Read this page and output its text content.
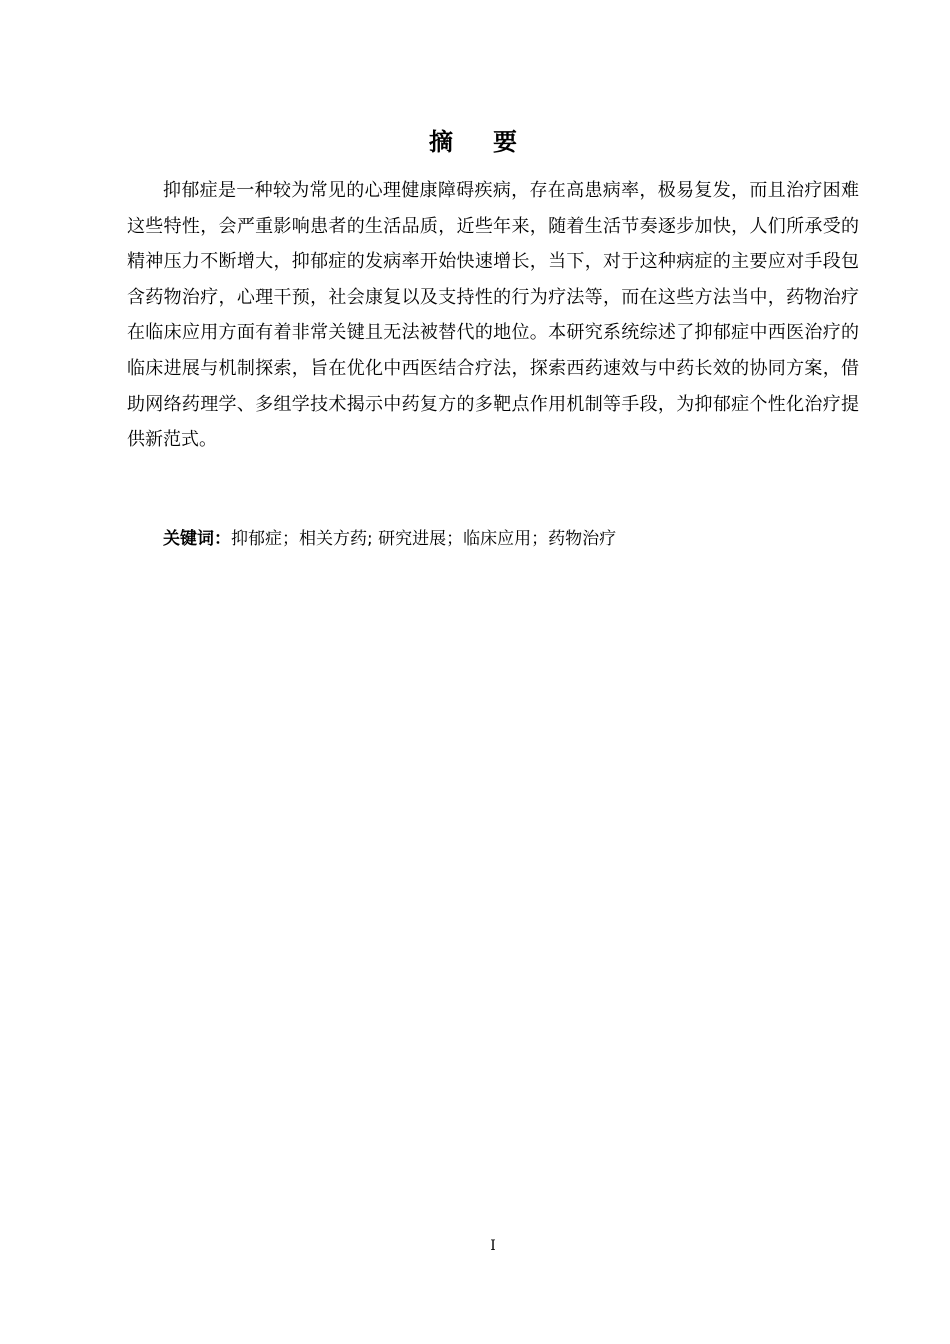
摘要

抑郁症是一种较为常见的心理健康障碍疾病，存在高患病率，极易复发，而且治疗困难这些特性，会严重影响患者的生活品质，近些年来，随着生活节奏逐步加快，人们所承受的精神压力不断增大，抑郁症的发病率开始快速增长，当下，对于这种病症的主要应对手段包含药物治疗，心理干预，社会康复以及支持性的行为疗法等，而在这些方法当中，药物治疗在临床应用方面有着非常关键且无法被替代的地位。本研究系统综述了抑郁症中西医治疗的临床进展与机制探索，旨在优化中西医结合疗法，探索西药速效与中药长效的协同方案，借助网络药理学、多组学技术揭示中药复方的多靶点作用机制等手段，为抑郁症个性化治疗提供新范式。

关键词：抑郁症；相关方药; 研究进展；临床应用；药物治疗
I
